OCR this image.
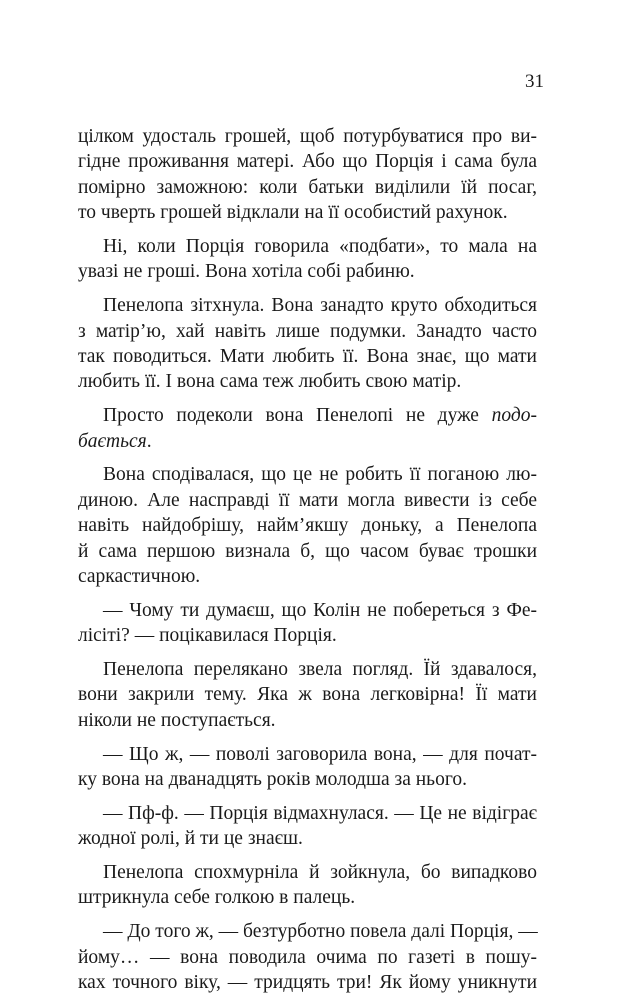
31

цілком удосталь грошей, щоб потурбуватися про ви-
гідне проживання матері. Або що Порція і сама була
помірно заможною: коли батьки виділили їй посаг,
то чверть грошей відклали на її особистий рахунок.

Ні, коли Порція говорила «подбати», то мала на
увазі не гроші. Вона хотіла собі рабиню.

Пенелопа зітхнула. Вона занадто круто обходиться
з матір’ю, хай навіть лише подумки. Занадто часто
так поводиться. Мати любить її. Вона знає, що мати
любить її. І вона сама теж любить свою матір.

Просто подеколи вона Пенелопі не дуже подо-
бається.

Вона сподівалася, що це не робить її поганою лю-
диною. Але насправді її мати могла вивести із себе
навіть найдобрішу, найм’якшу доньку, а Пенелопа
й сама першою визнала б, що часом буває трошки
саркастичною.

— Чому ти думаєш, що Колін не побереться з Фе-
лісіті? — поцікавилася Порція.

Пенелопа перелякано звела погляд. Їй здавалося,
вони закрили тему. Яка ж вона легковірна! Її мати
ніколи не поступається.

— Що ж, — поволі заговорила вона, — для почат-
ку вона на дванадцять років молодша за нього.

— Пф-ф. — Порція відмахнулася. — Це не відіграє
жодної ролі, й ти це знаєш.

Пенелопа спохмурніла й зойкнула, бо випадково
штрикнула себе голкою в палець.

— До того ж, — безтурботно повела далі Порція, —
йому… — вона поводила очима по газеті в пошу-
ках точного віку, — тридцять три! Як йому уникнути
